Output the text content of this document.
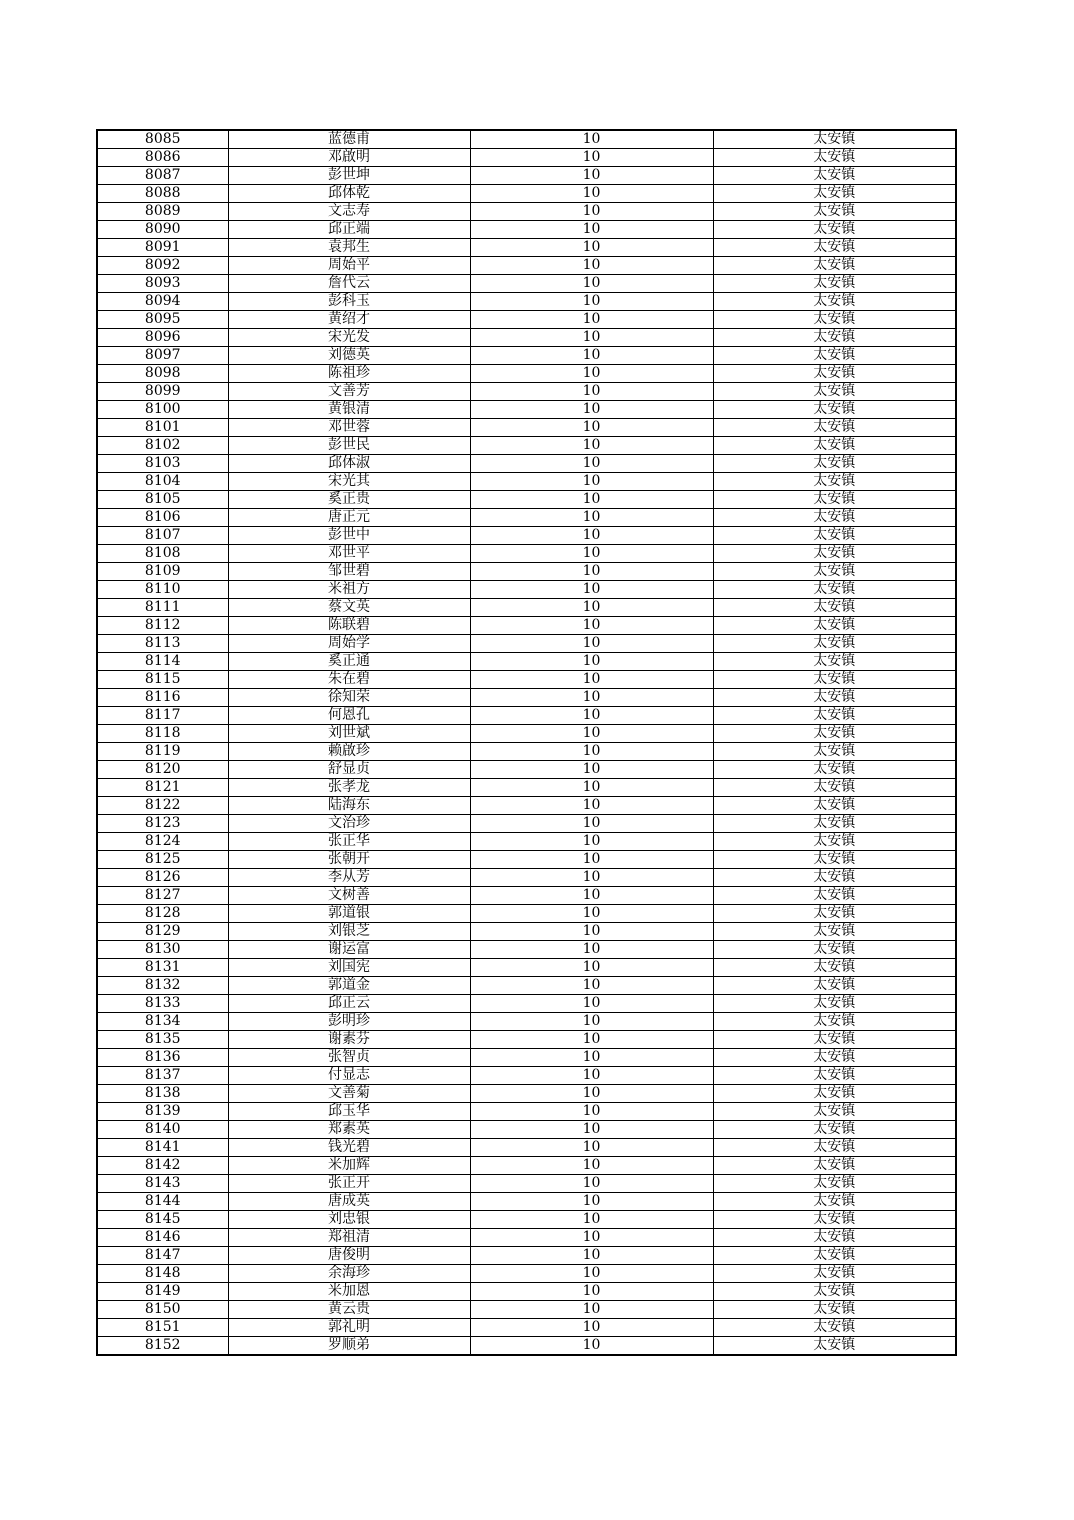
8085	蓝德甫	10	太安镇
8086	邓啟明	10	太安镇
8087	彭世坤	10	太安镇
8088	邱体乾	10	太安镇
8089	文志寿	10	太安镇
8090	邱正端	10	太安镇
8091	袁邦生	10	太安镇
8092	周始平	10	太安镇
8093	詹代云	10	太安镇
8094	彭科玉	10	太安镇
8095	黄绍才	10	太安镇
8096	宋光发	10	太安镇
8097	刘德英	10	太安镇
8098	陈祖珍	10	太安镇
8099	文善芳	10	太安镇
8100	黄银清	10	太安镇
8101	邓世蓉	10	太安镇
8102	彭世民	10	太安镇
8103	邱体淑	10	太安镇
8104	宋光其	10	太安镇
8105	奚正贵	10	太安镇
8106	唐正元	10	太安镇
8107	彭世中	10	太安镇
8108	邓世平	10	太安镇
8109	邹世碧	10	太安镇
8110	米祖方	10	太安镇
8111	蔡文英	10	太安镇
8112	陈联碧	10	太安镇
8113	周始学	10	太安镇
8114	奚正通	10	太安镇
8115	朱在碧	10	太安镇
8116	徐知荣	10	太安镇
8117	何恩孔	10	太安镇
8118	刘世斌	10	太安镇
8119	赖啟珍	10	太安镇
8120	舒显贞	10	太安镇
8121	张孝龙	10	太安镇
8122	陆海东	10	太安镇
8123	文治珍	10	太安镇
8124	张正华	10	太安镇
8125	张朝开	10	太安镇
8126	李从芳	10	太安镇
8127	文树善	10	太安镇
8128	郭道银	10	太安镇
8129	刘银芝	10	太安镇
8130	谢运富	10	太安镇
8131	刘国宪	10	太安镇
8132	郭道金	10	太安镇
8133	邱正云	10	太安镇
8134	彭明珍	10	太安镇
8135	谢素芬	10	太安镇
8136	张智贞	10	太安镇
8137	付显志	10	太安镇
8138	文善菊	10	太安镇
8139	邱玉华	10	太安镇
8140	郑素英	10	太安镇
8141	钱光碧	10	太安镇
8142	米加辉	10	太安镇
8143	张正开	10	太安镇
8144	唐成英	10	太安镇
8145	刘忠银	10	太安镇
8146	郑祖清	10	太安镇
8147	唐俊明	10	太安镇
8148	余海珍	10	太安镇
8149	米加恩	10	太安镇
8150	黄云贵	10	太安镇
8151	郭礼明	10	太安镇
8152	罗顺弟	10	太安镇
